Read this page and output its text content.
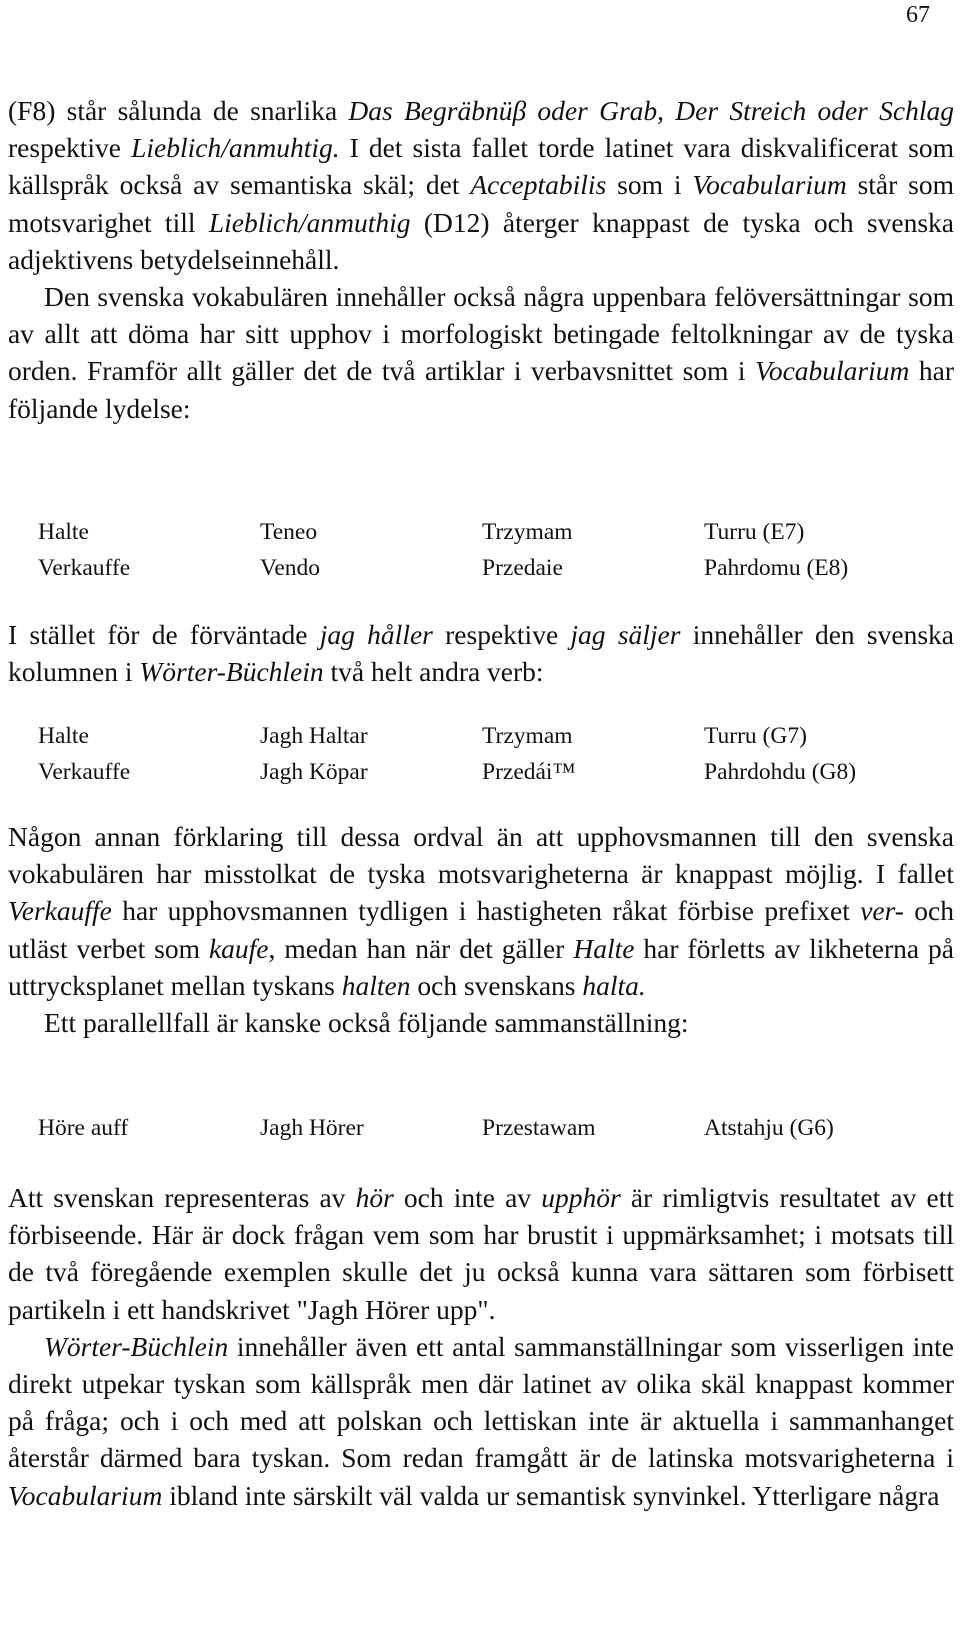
67

(F8) står sålunda de snarlika Das Begräbnüβ oder Grab, Der Streich oder Schlag respektive Lieblich/anmuhtig. I det sista fallet torde latinet vara diskvalificerat som källspråk också av semantiska skäl; det Acceptabilis som i Vocabularium står som motsvarighet till Lieblich/anmuthig (D12) återger knappast de tyska och svenska adjektivens betydelseinnehåll.

Den svenska vokabulären innehåller också några uppenbara felöversättningar som av allt att döma har sitt upphov i morfologiskt betingade feltolkningar av de tyska orden. Framför allt gäller det de två artiklar i verbavsnittet som i Vocabularium har följande lydelse:

Halte	Teneo	Trzymam	Turru (E7)
Verkauffe	Vendo	Przedaie	Pahrdomu (E8)

I stället för de förväntade jag håller respektive jag säljer innehåller den svenska kolumnen i Wörter-Büchlein två helt andra verb:

Halte	Jagh Haltar	Trzymam	Turru (G7)
Verkauffe	Jagh Köpar	Przedái™	Pahrdohdu (G8)

Någon annan förklaring till dessa ordval än att upphovsmannen till den svenska vokabulären har misstolkat de tyska motsvarigheterna är knappast möjlig. I fallet Verkauffe har upphovsmannen tydligen i hastigheten råkat förbise prefixet ver- och utläst verbet som kaufe, medan han när det gäller Halte har förletts av likheterna på uttrycksplanet mellan tyskans halten och svenskans halta.

Ett parallellfall är kanske också följande sammanställning:

Höre auff	Jagh Hörer	Przestawam	Atstahju (G6)

Att svenskan representeras av hör och inte av upphör är rimligtvis resultatet av ett förbiseende. Här är dock frågan vem som har brustit i uppmärksamhet; i motsats till de två föregående exemplen skulle det ju också kunna vara sättaren som förbisett partikeln i ett handskrivet "Jagh Hörer upp".

Wörter-Büchlein innehåller även ett antal sammanställningar som visserligen inte direkt utpekar tyskan som källspråk men där latinet av olika skäl knappast kommer på fråga; och i och med att polskan och lettiskan inte är aktuella i sammanhanget återstår därmed bara tyskan. Som redan framgått är de latinska motsvarigheterna i Vocabularium ibland inte särskilt väl valda ur semantisk synvinkel. Ytterligare några
